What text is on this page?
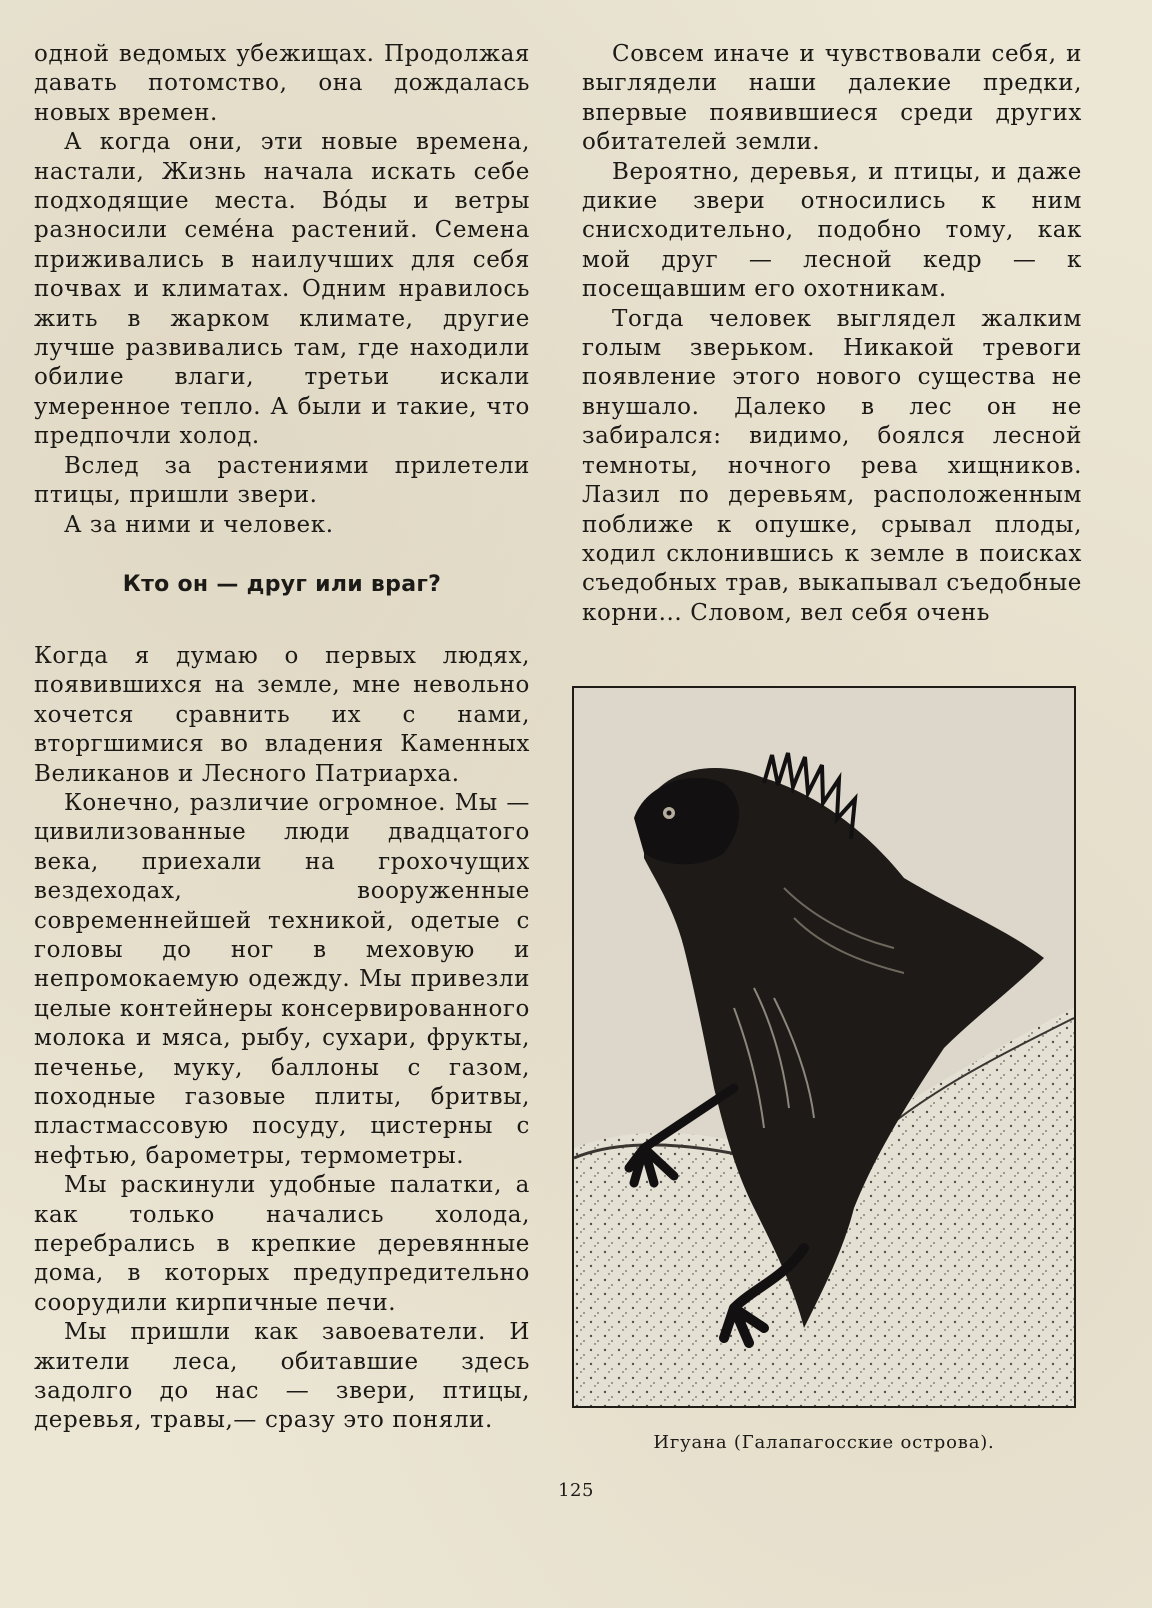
одной ведомых убежищах. Продолжая давать потомство, она дождалась новых времен.

А когда они, эти новые времена, настали, Жизнь начала искать себе подходящие места. Во́ды и ветры разносили семе́на растений. Семена приживались в наилучших для себя почвах и климатах. Одним нравилось жить в жарком климате, другие лучше развивались там, где находили обилие влаги, третьи искали умеренное тепло. А были и такие, что предпочли холод.

Вслед за растениями прилетели птицы, пришли звери.

А за ними и человек.

Кто он — друг или враг?

Когда я думаю о первых людях, появившихся на земле, мне невольно хочется сравнить их с нами, вторгшимися во владения Каменных Великанов и Лесного Патриарха.

Конечно, различие огромное. Мы — цивилизованные люди двадцатого века, приехали на грохочущих вездеходах, вооруженные современнейшей техникой, одетые с головы до ног в меховую и непромокаемую одежду. Мы привезли целые контейнеры консервированного молока и мяса, рыбу, сухари, фрукты, печенье, муку, баллоны с газом, походные газовые плиты, бритвы, пластмассовую посуду, цистерны с нефтью, барометры, термометры.

Мы раскинули удобные палатки, а как только начались холода, перебрались в крепкие деревянные дома, в которых предупредительно соорудили кирпичные печи.

Мы пришли как завоеватели. И жители леса, обитавшие здесь задолго до нас — звери, птицы, деревья, травы,— сразу это поняли.

Совсем иначе и чувствовали себя, и выглядели наши далекие предки, впервые появившиеся среди других обитателей земли.

Вероятно, деревья, и птицы, и даже дикие звери относились к ним снисходительно, подобно тому, как мой друг — лесной кедр — к посещавшим его охотникам.

Тогда человек выглядел жалким голым зверьком. Никакой тревоги появление этого нового существа не внушало. Далеко в лес он не забирался: видимо, боялся лесной темноты, ночного рева хищников. Лазил по деревьям, расположенным поближе к опушке, срывал плоды, ходил склонившись к земле в поисках съедобных трав, выкапывал съедобные корни... Словом, вел себя очень

Игуана (Галапагосские острова).
125
